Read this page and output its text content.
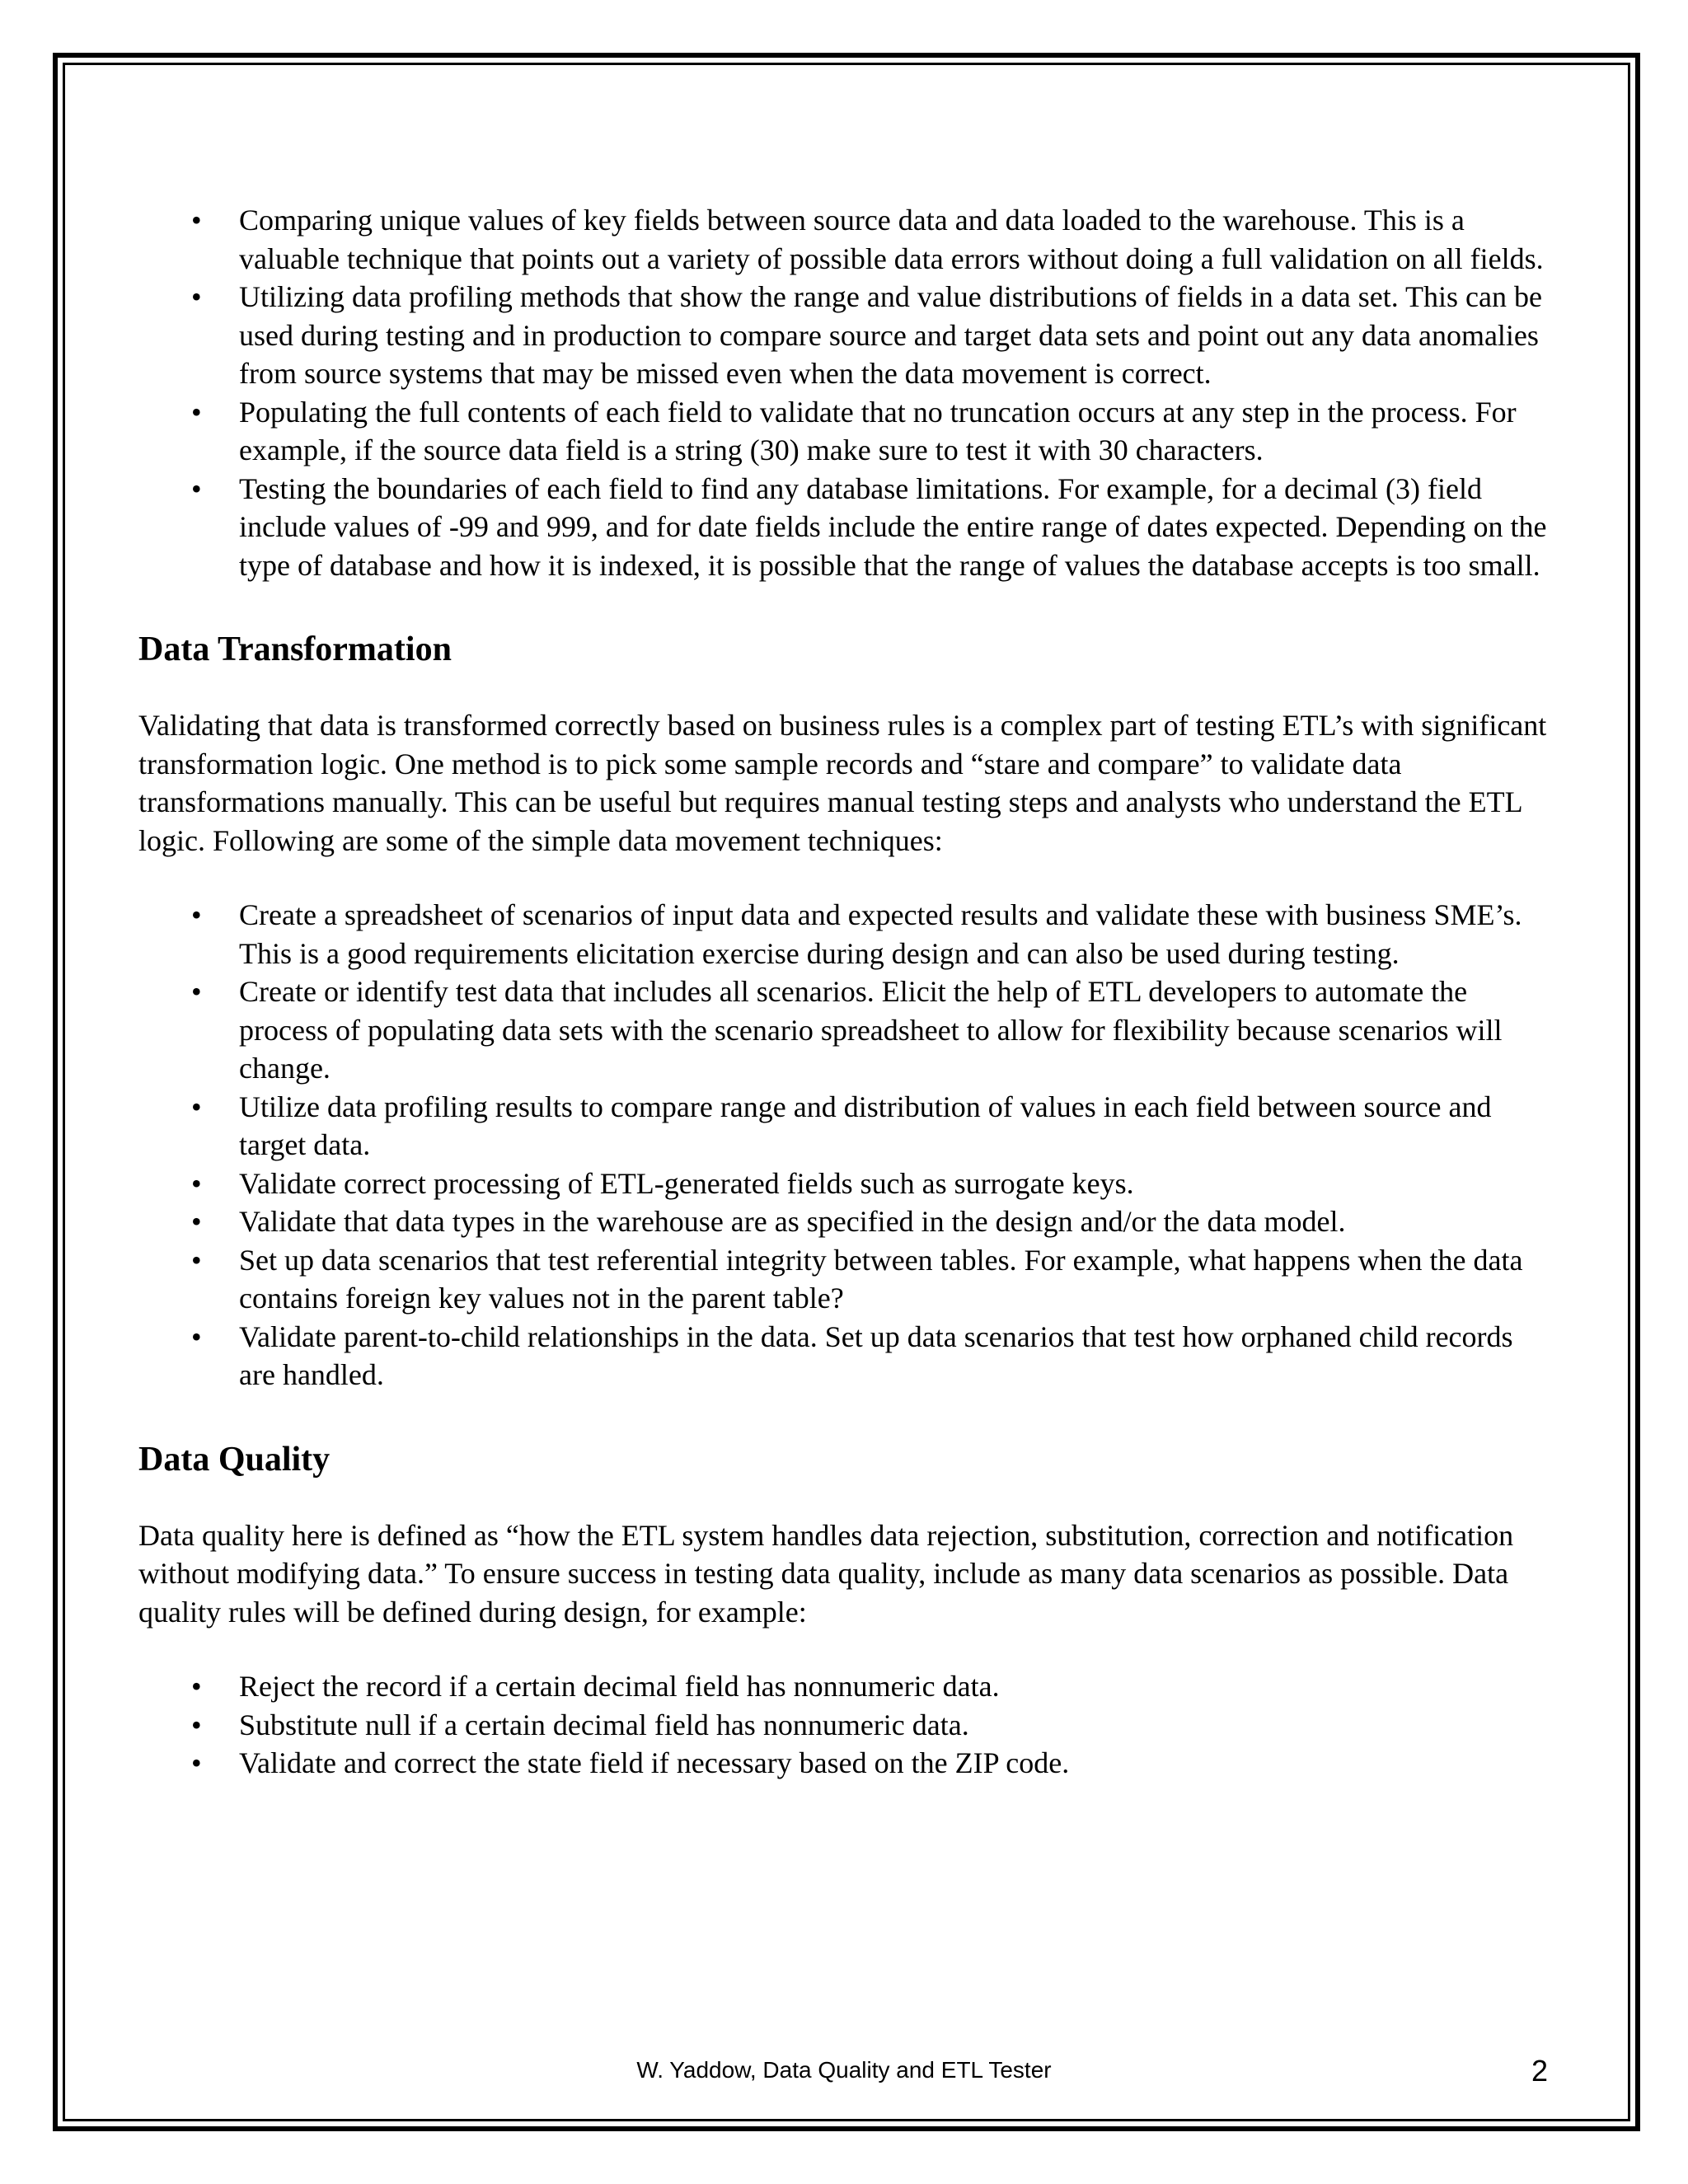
• Comparing unique values of key fields between source data and data loaded to the warehouse. This is a valuable technique that points out a variety of possible data errors without doing a full validation on all fields.
• Utilizing data profiling methods that show the range and value distributions of fields in a data set. This can be used during testing and in production to compare source and target data sets and point out any data anomalies from source systems that may be missed even when the data movement is correct.
• Populating the full contents of each field to validate that no truncation occurs at any step in the process. For example, if the source data field is a string (30) make sure to test it with 30 characters.
• Testing the boundaries of each field to find any database limitations. For example, for a decimal (3) field include values of -99 and 999, and for date fields include the entire range of dates expected. Depending on the type of database and how it is indexed, it is possible that the range of values the database accepts is too small.
Data Transformation

Validating that data is transformed correctly based on business rules is a complex part of testing ETL’s with significant transformation logic. One method is to pick some sample records and “stare and compare” to validate data transformations manually. This can be useful but requires manual testing steps and analysts who understand the ETL logic. Following are some of the simple data movement techniques:

• Create a spreadsheet of scenarios of input data and expected results and validate these with business SME’s. This is a good requirements elicitation exercise during design and can also be used during testing.
• Create or identify test data that includes all scenarios. Elicit the help of ETL developers to automate the process of populating data sets with the scenario spreadsheet to allow for flexibility because scenarios will change.
• Utilize data profiling results to compare range and distribution of values in each field between source and target data.
• Validate correct processing of ETL-generated fields such as surrogate keys.
• Validate that data types in the warehouse are as specified in the design and/or the data model.
• Set up data scenarios that test referential integrity between tables. For example, what happens when the data contains foreign key values not in the parent table?
• Validate parent-to-child relationships in the data. Set up data scenarios that test how orphaned child records are handled.
Data Quality

Data quality here is defined as “how the ETL system handles data rejection, substitution, correction and notification without modifying data.” To ensure success in testing data quality, include as many data scenarios as possible. Data quality rules will be defined during design, for example:

• Reject the record if a certain decimal field has nonnumeric data.
• Substitute null if a certain decimal field has nonnumeric data.
• Validate and correct the state field if necessary based on the ZIP code.
W. Yaddow, Data Quality and ETL Tester	2
